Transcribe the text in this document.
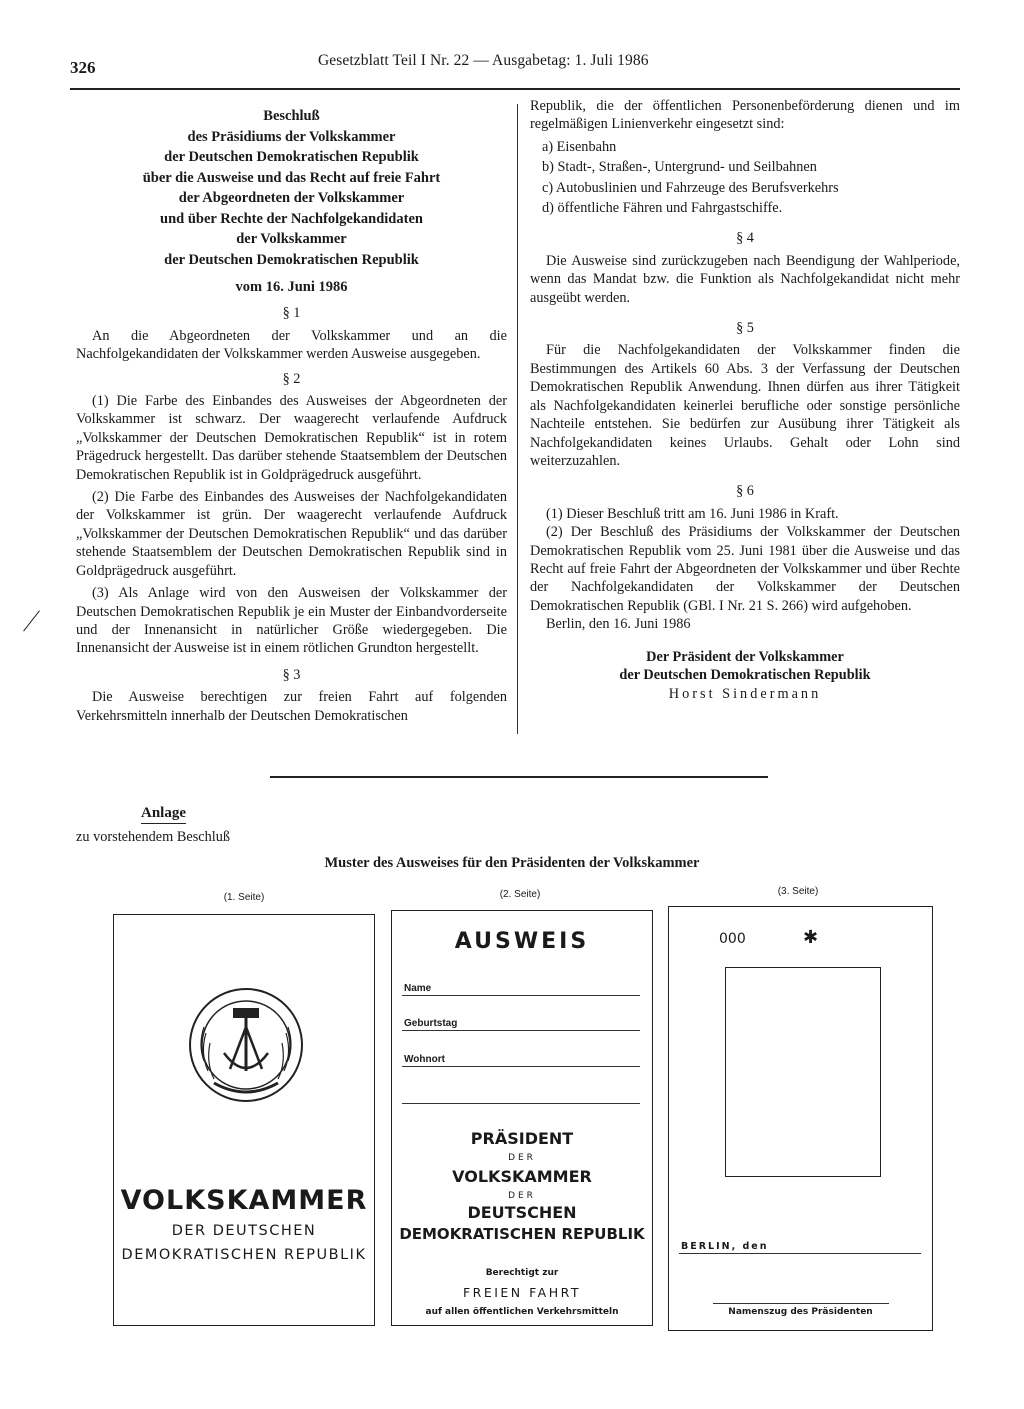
326	Gesetzblatt Teil I Nr. 22 — Ausgabetag: 1. Juli 1986
Beschluß
des Präsidiums der Volkskammer
der Deutschen Demokratischen Republik
über die Ausweise und das Recht auf freie Fahrt
der Abgeordneten der Volkskammer
und über Rechte der Nachfolgekandidaten
der Volkskammer
der Deutschen Demokratischen Republik
vom 16. Juni 1986
§ 1

An die Abgeordneten der Volkskammer und an die Nachfolgekandidaten der Volkskammer werden Ausweise ausgegeben.

§ 2

(1) Die Farbe des Einbandes des Ausweises der Abgeordneten der Volkskammer ist schwarz. Der waagerecht verlaufende Aufdruck „Volkskammer der Deutschen Demokratischen Republik“ ist in rotem Prägedruck hergestellt. Das darüber stehende Staatsemblem der Deutschen Demokratischen Republik ist in Goldprägedruck ausgeführt.

(2) Die Farbe des Einbandes des Ausweises der Nachfolgekandidaten der Volkskammer ist grün. Der waagerecht verlaufende Aufdruck „Volkskammer der Deutschen Demokratischen Republik“ und das darüber stehende Staatsemblem der Deutschen Demokratischen Republik sind in Goldprägedruck ausgeführt.

(3) Als Anlage wird von den Ausweisen der Volkskammer der Deutschen Demokratischen Republik je ein Muster der Einbandvorderseite und der Innenansicht in natürlicher Größe wiedergegeben. Die Innenansicht der Ausweise ist in einem rötlichen Grundton hergestellt.

§ 3

Die Ausweise berechtigen zur freien Fahrt auf folgenden Verkehrsmitteln innerhalb der Deutschen Demokratischen

Republik, die der öffentlichen Personenbeförderung dienen und im regelmäßigen Linienverkehr eingesetzt sind:

a) Eisenbahn
b) Stadt-, Straßen-, Untergrund- und Seilbahnen
c) Autobuslinien und Fahrzeuge des Berufsverkehrs
d) öffentliche Fähren und Fahrgastschiffe.
§ 4

Die Ausweise sind zurückzugeben nach Beendigung der Wahlperiode, wenn das Mandat bzw. die Funktion als Nachfolgekandidat nicht mehr ausgeübt werden.

§ 5

Für die Nachfolgekandidaten der Volkskammer finden die Bestimmungen des Artikels 60 Abs. 3 der Verfassung der Deutschen Demokratischen Republik Anwendung. Ihnen dürfen aus ihrer Tätigkeit als Nachfolgekandidaten keinerlei berufliche oder sonstige persönliche Nachteile entstehen. Sie bedürfen zur Ausübung ihrer Tätigkeit als Nachfolgekandidaten keines Urlaubs. Gehalt oder Lohn sind weiterzuzahlen.

§ 6

(1) Dieser Beschluß tritt am 16. Juni 1986 in Kraft.

(2) Der Beschluß des Präsidiums der Volkskammer der Deutschen Demokratischen Republik vom 25. Juni 1981 über die Ausweise und das Recht auf freie Fahrt der Abgeordneten der Volkskammer und über Rechte der Nachfolgekandidaten der Volkskammer der Deutschen Demokratischen Republik (GBl. I Nr. 21 S. 266) wird aufgehoben.

Berlin, den 16. Juni 1986

Der Präsident der Volkskammer
der Deutschen Demokratischen Republik
Horst Sindermann
Anlage
zu vorstehendem Beschluß
Muster des Ausweises für den Präsidenten der Volkskammer
(1. Seite)	(2. Seite)	(3. Seite)
VOLKSKAMMER
DER DEUTSCHEN
DEMOKRATISCHEN REPUBLIK
AUSWEIS
Name
Geburtstag
Wohnort
PRÄSIDENT
DER
VOLKSKAMMER
DER
DEUTSCHEN
DEMOKRATISCHEN REPUBLIK
Berechtigt zur
FREIEN FAHRT
auf allen öffentlichen Verkehrsmitteln
000	✱
BERLIN, den
Namenszug des Präsidenten
